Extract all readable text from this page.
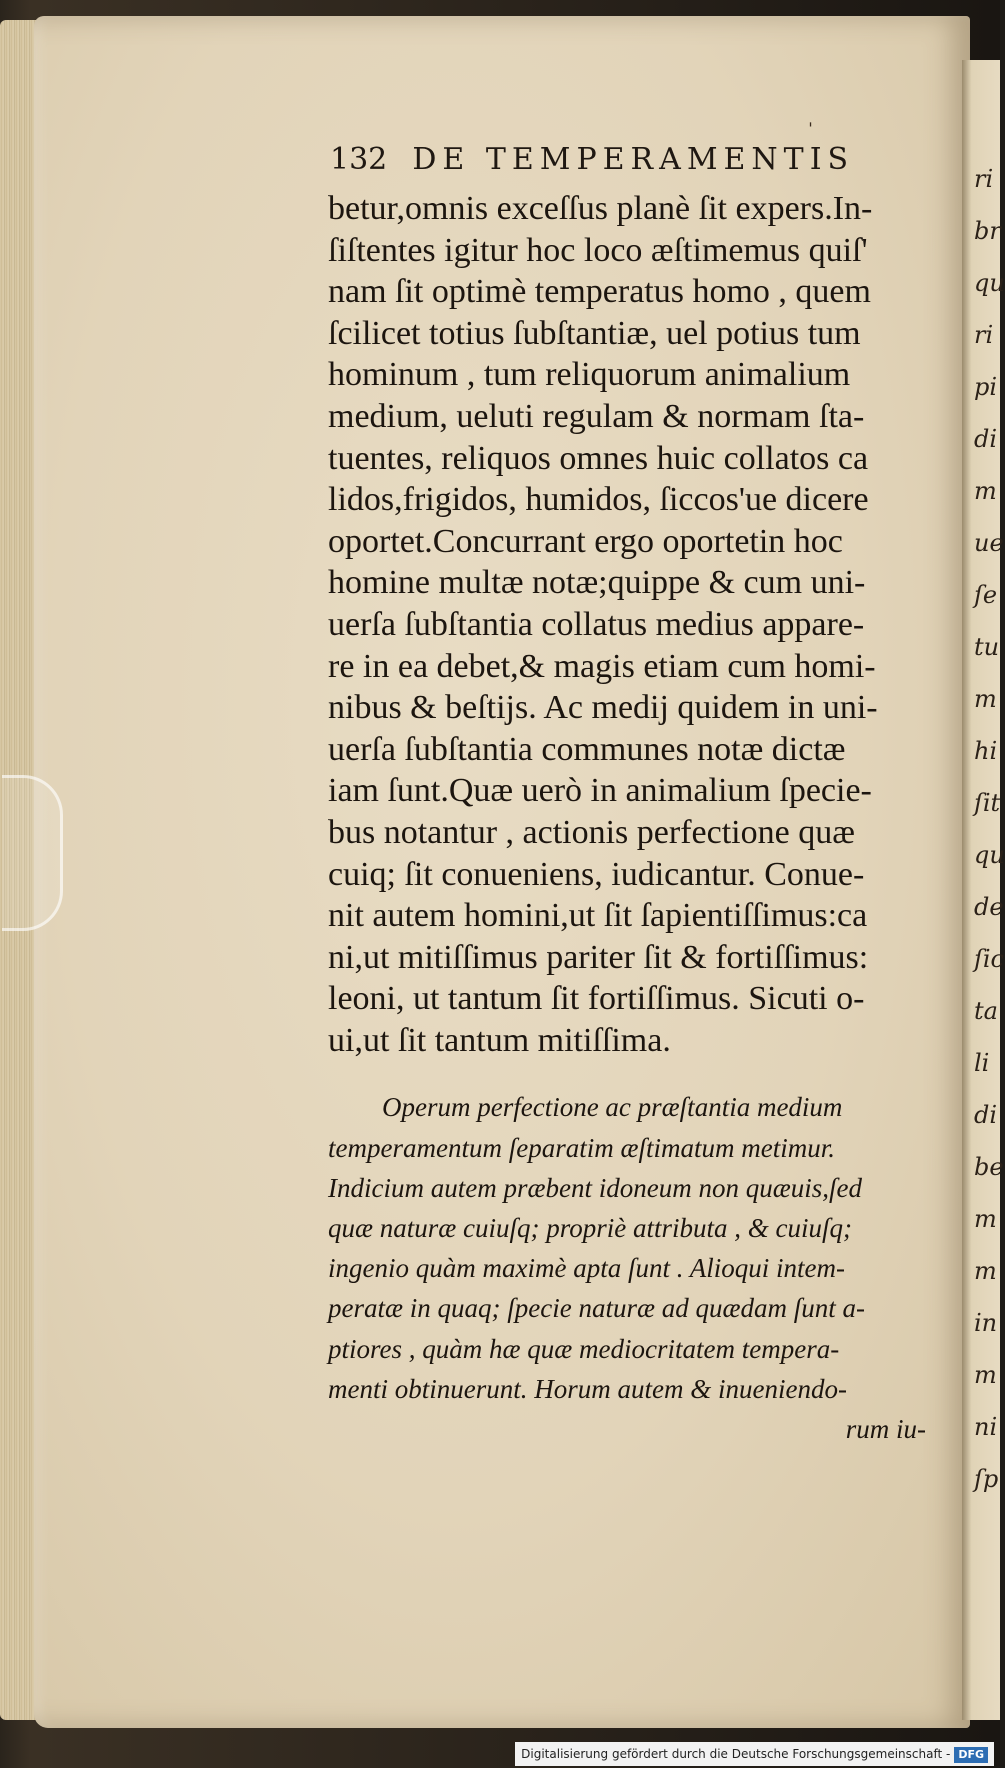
ri
br
qu
ri
pi
di
m
ue
ſe
tu
m
hi
ſit
qu
de
ſic
ta
li
di
be
m
m
in
m
ni
ſp
ˈ
132 DE TEMPERAMENTIS
betur,omnis exceſſus planè ſit expers.In-
ſiſtentes igitur hoc loco æſtimemus quiſ'
nam ſit optimè temperatus homo , quem
ſcilicet totius ſubſtantiæ, uel potius tum
hominum , tum reliquorum animalium
medium, ueluti regulam & normam ſta-
tuentes, reliquos omnes huic collatos ca
lidos,frigidos, humidos, ſiccos'ue dicere
oportet.Concurrant ergo oportetin hoc
homine multæ notæ;quippe & cum uni-
uerſa ſubſtantia collatus medius appare-
re in ea debet,& magis etiam cum homi-
nibus & beſtijs. Ac medij quidem in uni-
uerſa ſubſtantia communes notæ dictæ
iam ſunt.Quæ uerò in animalium ſpecie-
bus notantur , actionis perfectione quæ
cuiq; ſit conueniens, iudicantur. Conue-
nit autem homini,ut ſit ſapientiſſimus:ca
ni,ut mitiſſimus pariter ſit & fortiſſimus:
leoni, ut tantum ſit fortiſſimus. Sicuti o-
ui,ut ſit tantum mitiſſima.
Operum perfectione ac præſtantia medium
temperamentum ſeparatim æſtimatum metimur.
Indicium autem præbent idoneum non quæuis,ſed
quæ naturæ cuiuſq; propriè attributa , & cuiuſq;
ingenio quàm maximè apta ſunt . Alioqui intem-
peratæ in quaq; ſpecie naturæ ad quædam ſunt a-
ptiores , quàm hæ quæ mediocritatem tempera-
menti obtinuerunt. Horum autem & inueniendo-
rum iu-
Digitalisierung gefördert durch die Deutsche Forschungsgemeinschaft - DFG
